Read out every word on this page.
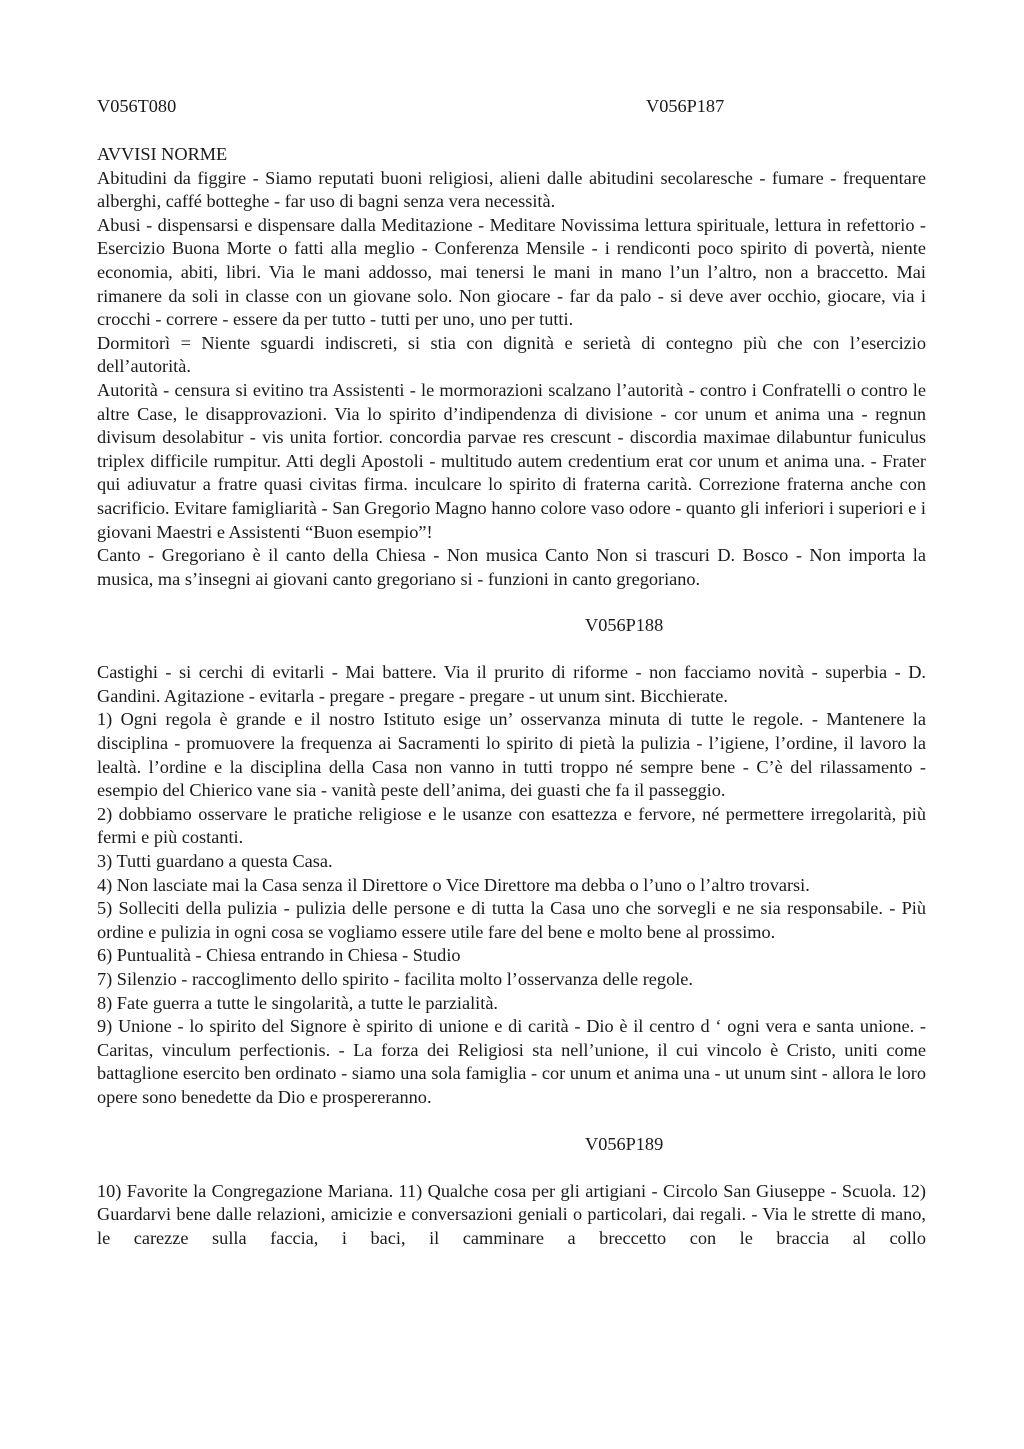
V056T080	V056P187
AVVISI NORME

Abitudini da figgire - Siamo reputati buoni religiosi, alieni dalle abitudini secolaresche - fumare - frequentare alberghi, caffé botteghe - far uso di bagni senza vera necessità.

Abusi - dispensarsi e dispensare dalla Meditazione - Meditare Novissima lettura spirituale, lettura in refettorio - Esercizio Buona Morte o fatti alla meglio - Conferenza Mensile - i rendiconti poco spirito di povertà, niente economia, abiti, libri. Via le mani addosso, mai tenersi le mani in mano l’un l’altro, non a braccetto. Mai rimanere da soli in classe con un giovane solo. Non giocare - far da palo - si deve aver occhio, giocare, via i crocchi - correre - essere da per tutto - tutti per uno, uno per tutti.

Dormitorì = Niente sguardi indiscreti, si stia con dignità e serietà di contegno più che con l’esercizio dell’autorità.

Autorità - censura si evitino tra Assistenti - le mormorazioni scalzano l’autorità - contro i Confratelli o contro le altre Case, le disapprovazioni. Via lo spirito d’indipendenza di divisione - cor unum et anima una - regnun divisum desolabitur - vis unita fortior. concordia parvae res crescunt - discordia maximae dilabuntur funiculus triplex difficile rumpitur. Atti degli Apostoli - multitudo autem credentium erat cor unum et anima una. - Frater qui adiuvatur a fratre quasi civitas firma. inculcare lo spirito di fraterna carità. Correzione fraterna anche con sacrificio. Evitare famigliarità - San Gregorio Magno hanno colore vaso odore - quanto gli inferiori i superiori e i giovani Maestri e Assistenti “Buon esempio”!

Canto - Gregoriano è il canto della Chiesa - Non musica Canto Non si trascuri D. Bosco - Non importa la musica, ma s’insegni ai giovani canto gregoriano si - funzioni in canto gregoriano.

V056P188

Castighi - si cerchi di evitarli - Mai battere. Via il prurito di riforme - non facciamo novità - superbia - D. Gandini. Agitazione - evitarla - pregare - pregare - pregare - ut unum sint. Bicchierate.

1) Ogni regola è grande e il nostro Istituto esige un’ osservanza minuta di tutte le regole. - Mantenere la disciplina - promuovere la frequenza ai Sacramenti lo spirito di pietà la pulizia - l’igiene, l’ordine, il lavoro la lealtà. l’ordine e la disciplina della Casa non vanno in tutti troppo né sempre bene - C’è del rilassamento - esempio del Chierico vane sia - vanità peste dell’anima, dei guasti che fa il passeggio.

2) dobbiamo osservare le pratiche religiose e le usanze con esattezza e fervore, né permettere irregolarità, più fermi e più costanti.

3) Tutti guardano a questa Casa.

4) Non lasciate mai la Casa senza il Direttore o Vice Direttore ma debba o l’uno o l’altro trovarsi.

5) Solleciti della pulizia - pulizia delle persone e di tutta la Casa uno che sorvegli e ne sia responsabile. - Più ordine e pulizia in ogni cosa se vogliamo essere utile fare del bene e molto bene al prossimo.

6) Puntualità - Chiesa entrando in Chiesa - Studio

7) Silenzio - raccoglimento dello spirito - facilita molto l’osservanza delle regole.

8) Fate guerra a tutte le singolarità, a tutte le parzialità.

9) Unione - lo spirito del Signore è spirito di unione e di carità - Dio è il centro d ‘ ogni vera e santa unione. - Caritas, vinculum perfectionis. - La forza dei Religiosi sta nell’unione, il cui vincolo è Cristo, uniti come battaglione esercito ben ordinato - siamo una sola famiglia - cor unum et anima una - ut unum sint - allora le loro opere sono benedette da Dio e prospereranno.

V056P189

10) Favorite la Congregazione Mariana. 11) Qualche cosa per gli artigiani - Circolo San Giuseppe - Scuola. 12) Guardarvi bene dalle relazioni, amicizie e conversazioni geniali o particolari, dai regali. - Via le strette di mano, le carezze sulla faccia, i baci, il camminare a breccetto con le braccia al collo
